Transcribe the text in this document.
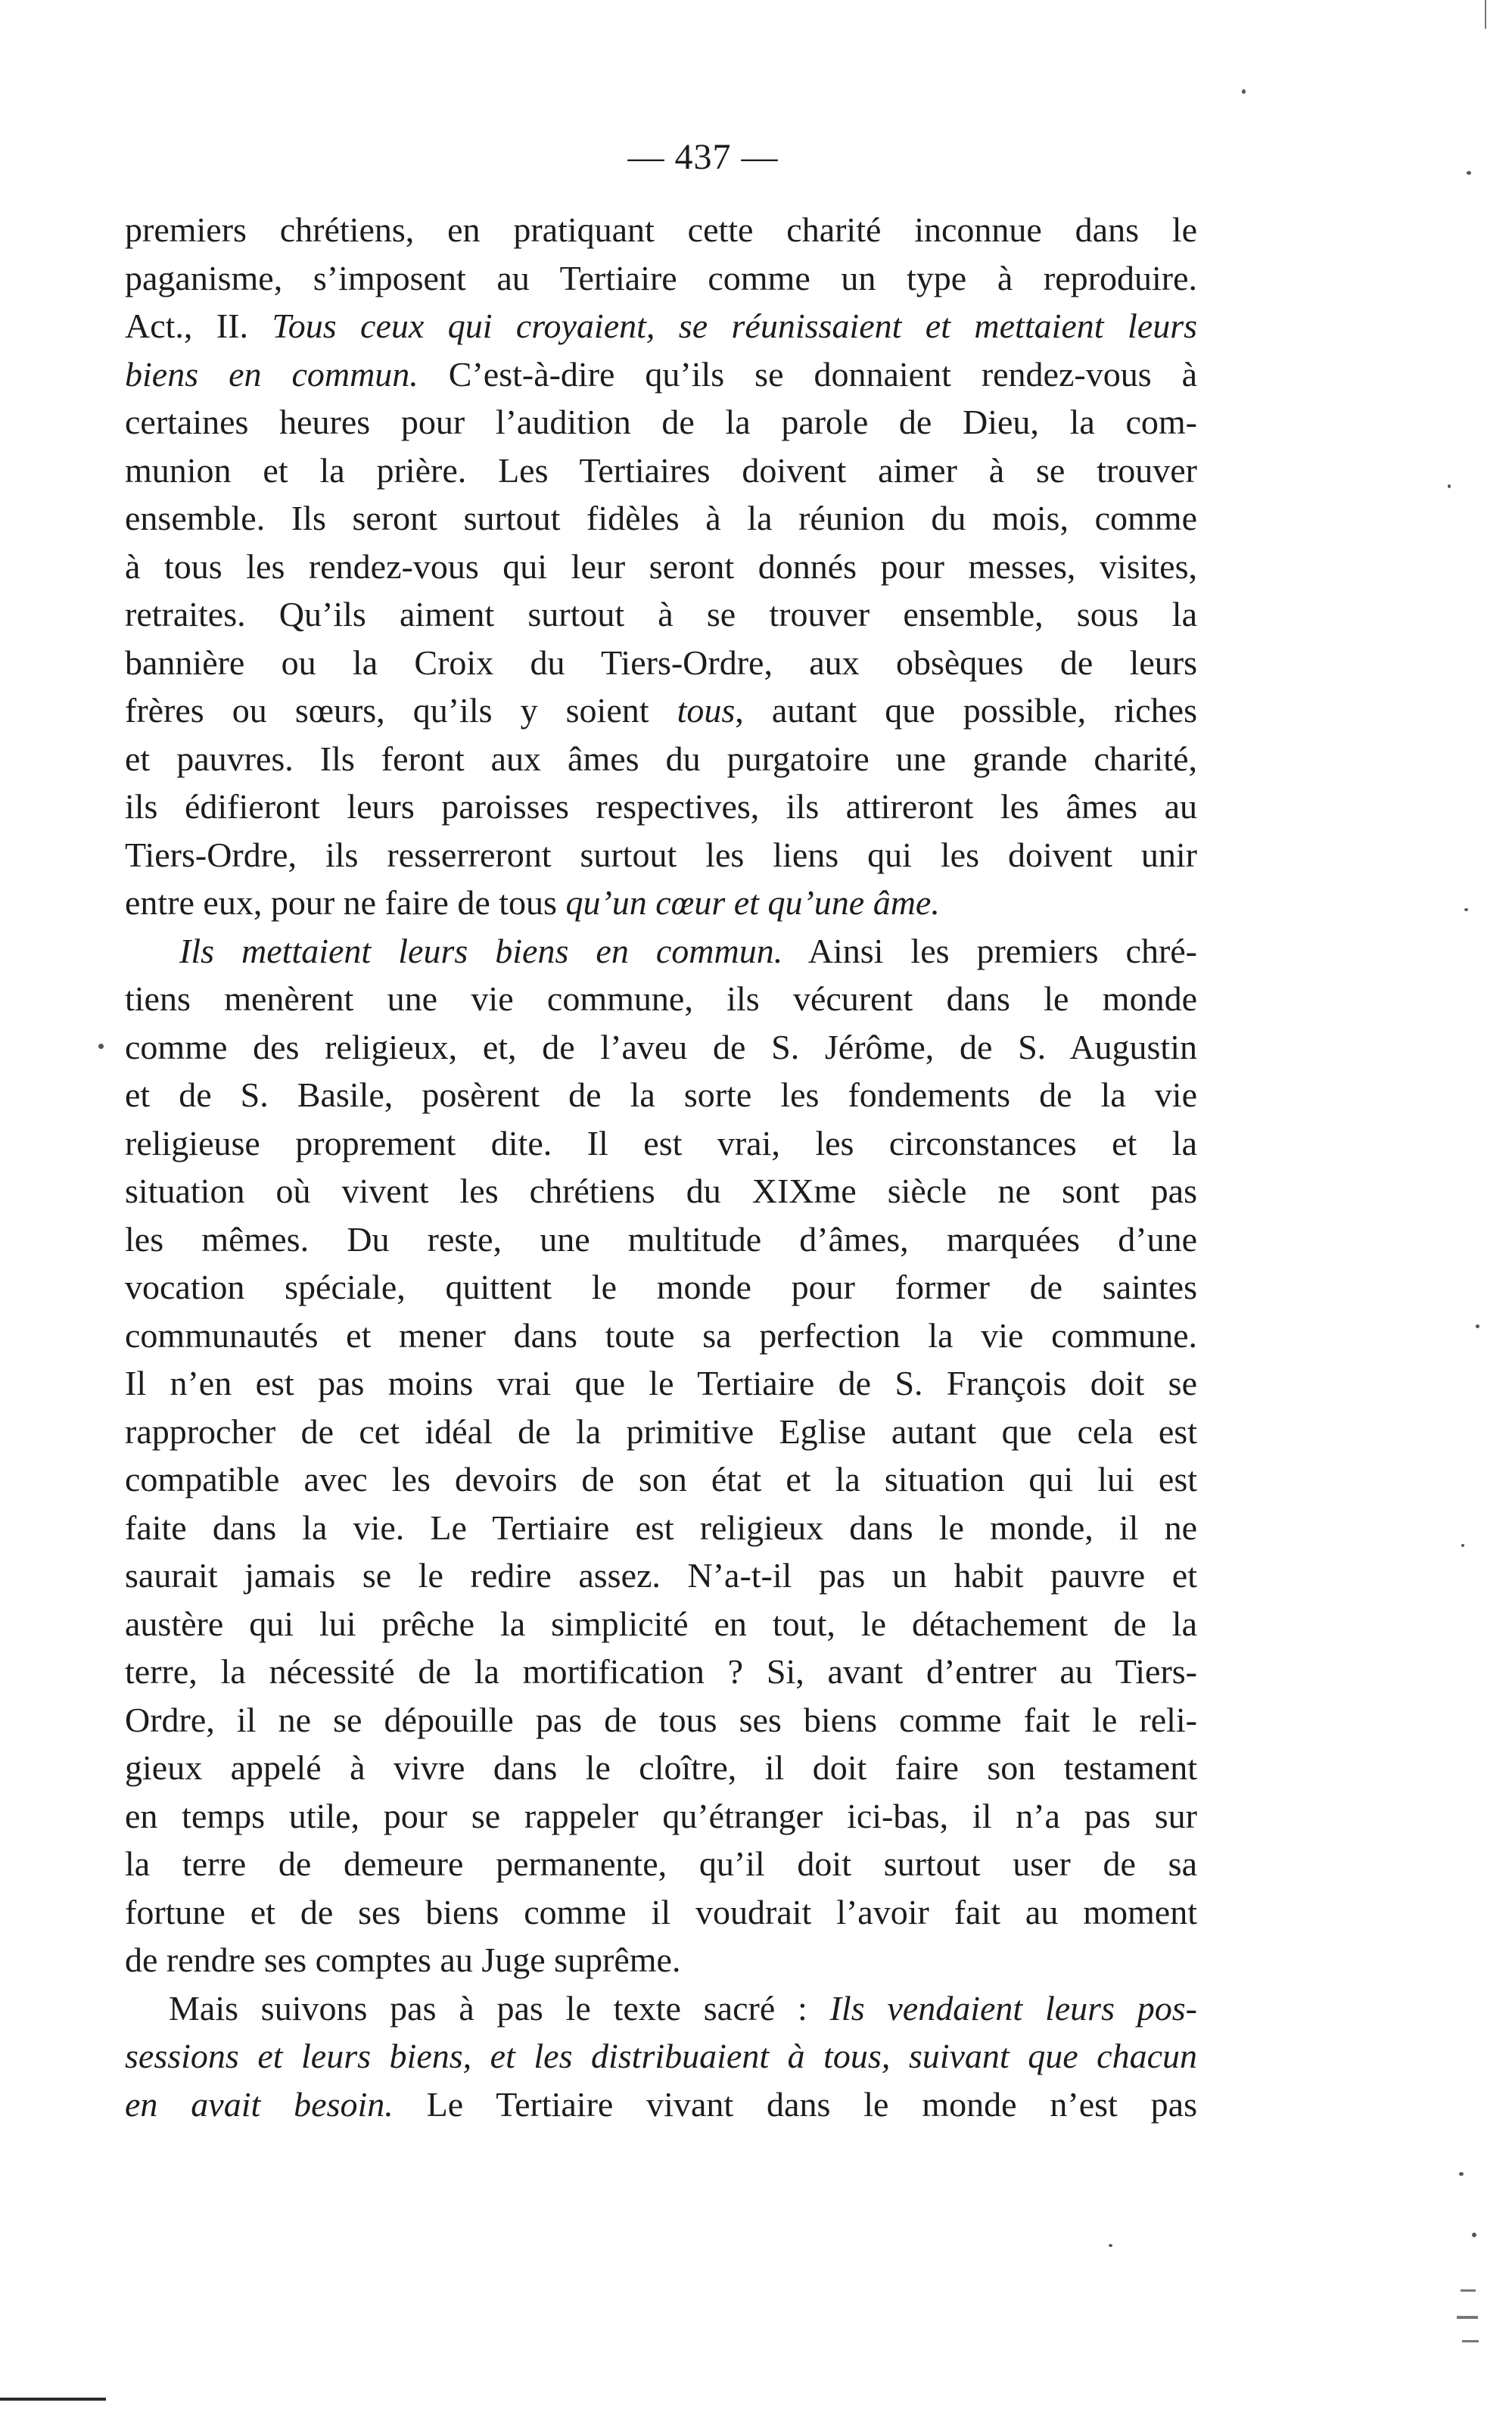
— 437 —
premiers chrétiens, en pratiquant cette charité inconnue dans le
paganisme, s’imposent au Tertiaire comme un type à reproduire.
Act., II. Tous ceux qui croyaient, se réunissaient et mettaient leurs
biens en commun. C’est-à-dire qu’ils se donnaient rendez-vous à
certaines heures pour l’audition de la parole de Dieu, la com-
munion et la prière. Les Tertiaires doivent aimer à se trouver
ensemble. Ils seront surtout fidèles à la réunion du mois, comme
à tous les rendez-vous qui leur seront donnés pour messes, visites,
retraites. Qu’ils aiment surtout à se trouver ensemble, sous la
bannière ou la Croix du Tiers-Ordre, aux obsèques de leurs
frères ou sœurs, qu’ils y soient tous, autant que possible, riches
et pauvres. Ils feront aux âmes du purgatoire une grande charité,
ils édifieront leurs paroisses respectives, ils attireront les âmes au
Tiers-Ordre, ils resserreront surtout les liens qui les doivent unir
entre eux, pour ne faire de tous qu’un cœur et qu’une âme.
Ils mettaient leurs biens en commun. Ainsi les premiers chré-
tiens menèrent une vie commune, ils vécurent dans le monde
comme des religieux, et, de l’aveu de S. Jérôme, de S. Augustin
et de S. Basile, posèrent de la sorte les fondements de la vie
religieuse proprement dite. Il est vrai, les circonstances et la
situation où vivent les chrétiens du XIXme siècle ne sont pas
les mêmes. Du reste, une multitude d’âmes, marquées d’une
vocation spéciale, quittent le monde pour former de saintes
communautés et mener dans toute sa perfection la vie commune.
Il n’en est pas moins vrai que le Tertiaire de S. François doit se
rapprocher de cet idéal de la primitive Eglise autant que cela est
compatible avec les devoirs de son état et la situation qui lui est
faite dans la vie. Le Tertiaire est religieux dans le monde, il ne
saurait jamais se le redire assez. N’a-t-il pas un habit pauvre et
austère qui lui prêche la simplicité en tout, le détachement de la
terre, la nécessité de la mortification ? Si, avant d’entrer au Tiers-
Ordre, il ne se dépouille pas de tous ses biens comme fait le reli-
gieux appelé à vivre dans le cloître, il doit faire son testament
en temps utile, pour se rappeler qu’étranger ici-bas, il n’a pas sur
la terre de demeure permanente, qu’il doit surtout user de sa
fortune et de ses biens comme il voudrait l’avoir fait au moment
de rendre ses comptes au Juge suprême.
Mais suivons pas à pas le texte sacré : Ils vendaient leurs pos-
sessions et leurs biens, et les distribuaient à tous, suivant que chacun
en avait besoin. Le Tertiaire vivant dans le monde n’est pas
